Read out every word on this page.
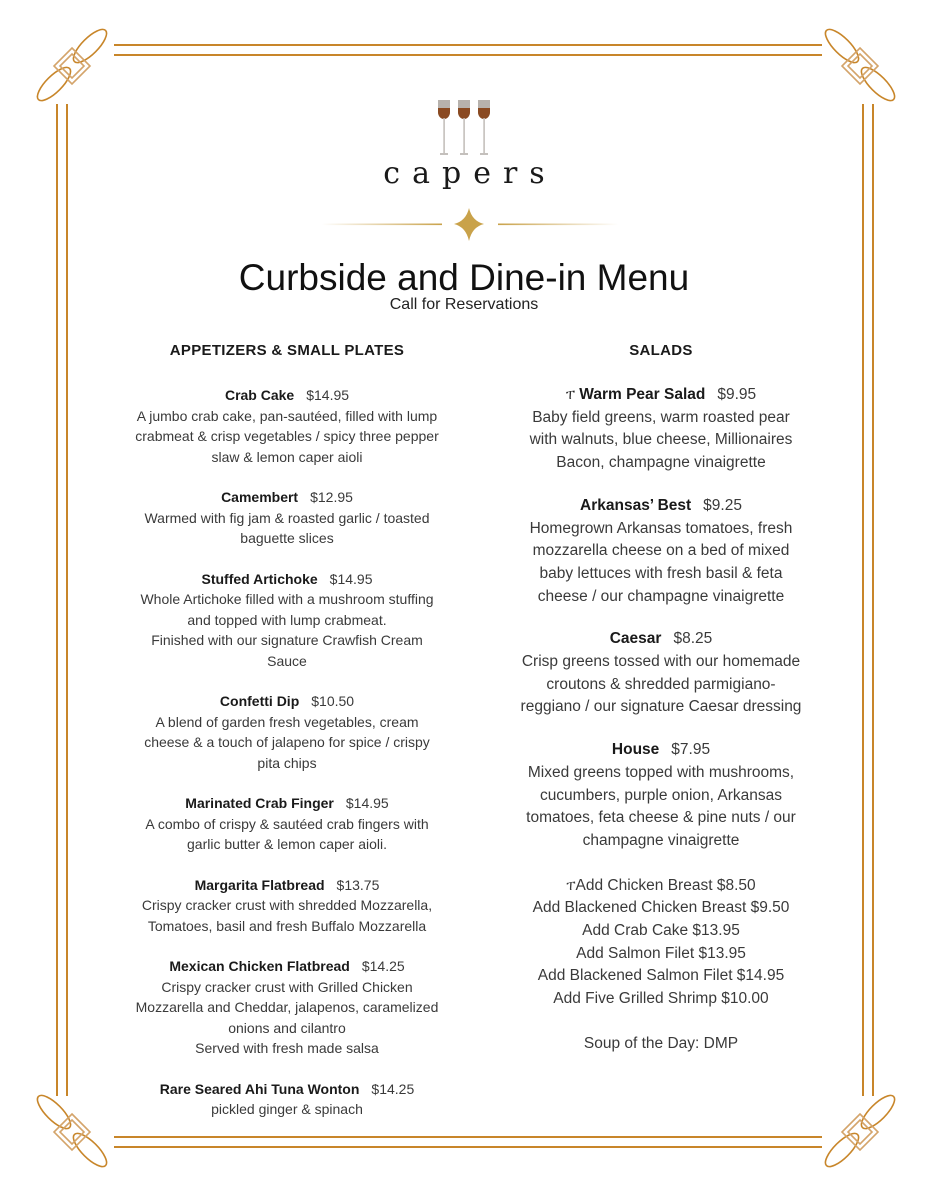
capers
Curbside and Dine-in Menu
Call for Reservations
APPETIZERS & SMALL PLATES
Crab Cake $14.95
A jumbo crab cake, pan-sautéed, filled with lump
crabmeat & crisp vegetables / spicy three pepper
slaw & lemon caper aioli
Camembert $12.95
Warmed with fig jam & roasted garlic / toasted
baguette slices
Stuffed Artichoke $14.95
Whole Artichoke filled with a mushroom stuffing
and topped with lump crabmeat.
Finished with our signature Crawfish Cream
Sauce
Confetti Dip $10.50
A blend of garden fresh vegetables, cream
cheese & a touch of jalapeno for spice / crispy
pita chips
Marinated Crab Finger $14.95
A combo of crispy & sautéed crab fingers with
garlic butter & lemon caper aioli.
Margarita Flatbread $13.75
Crispy cracker crust with shredded Mozzarella,
Tomatoes, basil and fresh Buffalo Mozzarella
Mexican Chicken Flatbread $14.25
Crispy cracker crust with Grilled Chicken
Mozzarella and Cheddar, jalapenos, caramelized
onions and cilantro
Served with fresh made salsa
Rare Seared Ahi Tuna Wonton $14.25
pickled ginger & spinach
SALADS
ፐ Warm Pear Salad $9.95
Baby field greens, warm roasted pear
with walnuts, blue cheese, Millionaires
Bacon, champagne vinaigrette
Arkansas’ Best $9.25
Homegrown Arkansas tomatoes, fresh
mozzarella cheese on a bed of mixed
baby lettuces with fresh basil & feta
cheese / our champagne vinaigrette
Caesar $8.25
Crisp greens tossed with our homemade
croutons & shredded parmigiano-
reggiano / our signature Caesar dressing
House $7.95
Mixed greens topped with mushrooms,
cucumbers, purple onion, Arkansas
tomatoes, feta cheese & pine nuts / our
champagne vinaigrette
ፐAdd Chicken Breast $8.50
Add Blackened Chicken Breast $9.50
Add Crab Cake $13.95
Add Salmon Filet $13.95
Add Blackened Salmon Filet $14.95
Add Five Grilled Shrimp $10.00
Soup of the Day: DMP
